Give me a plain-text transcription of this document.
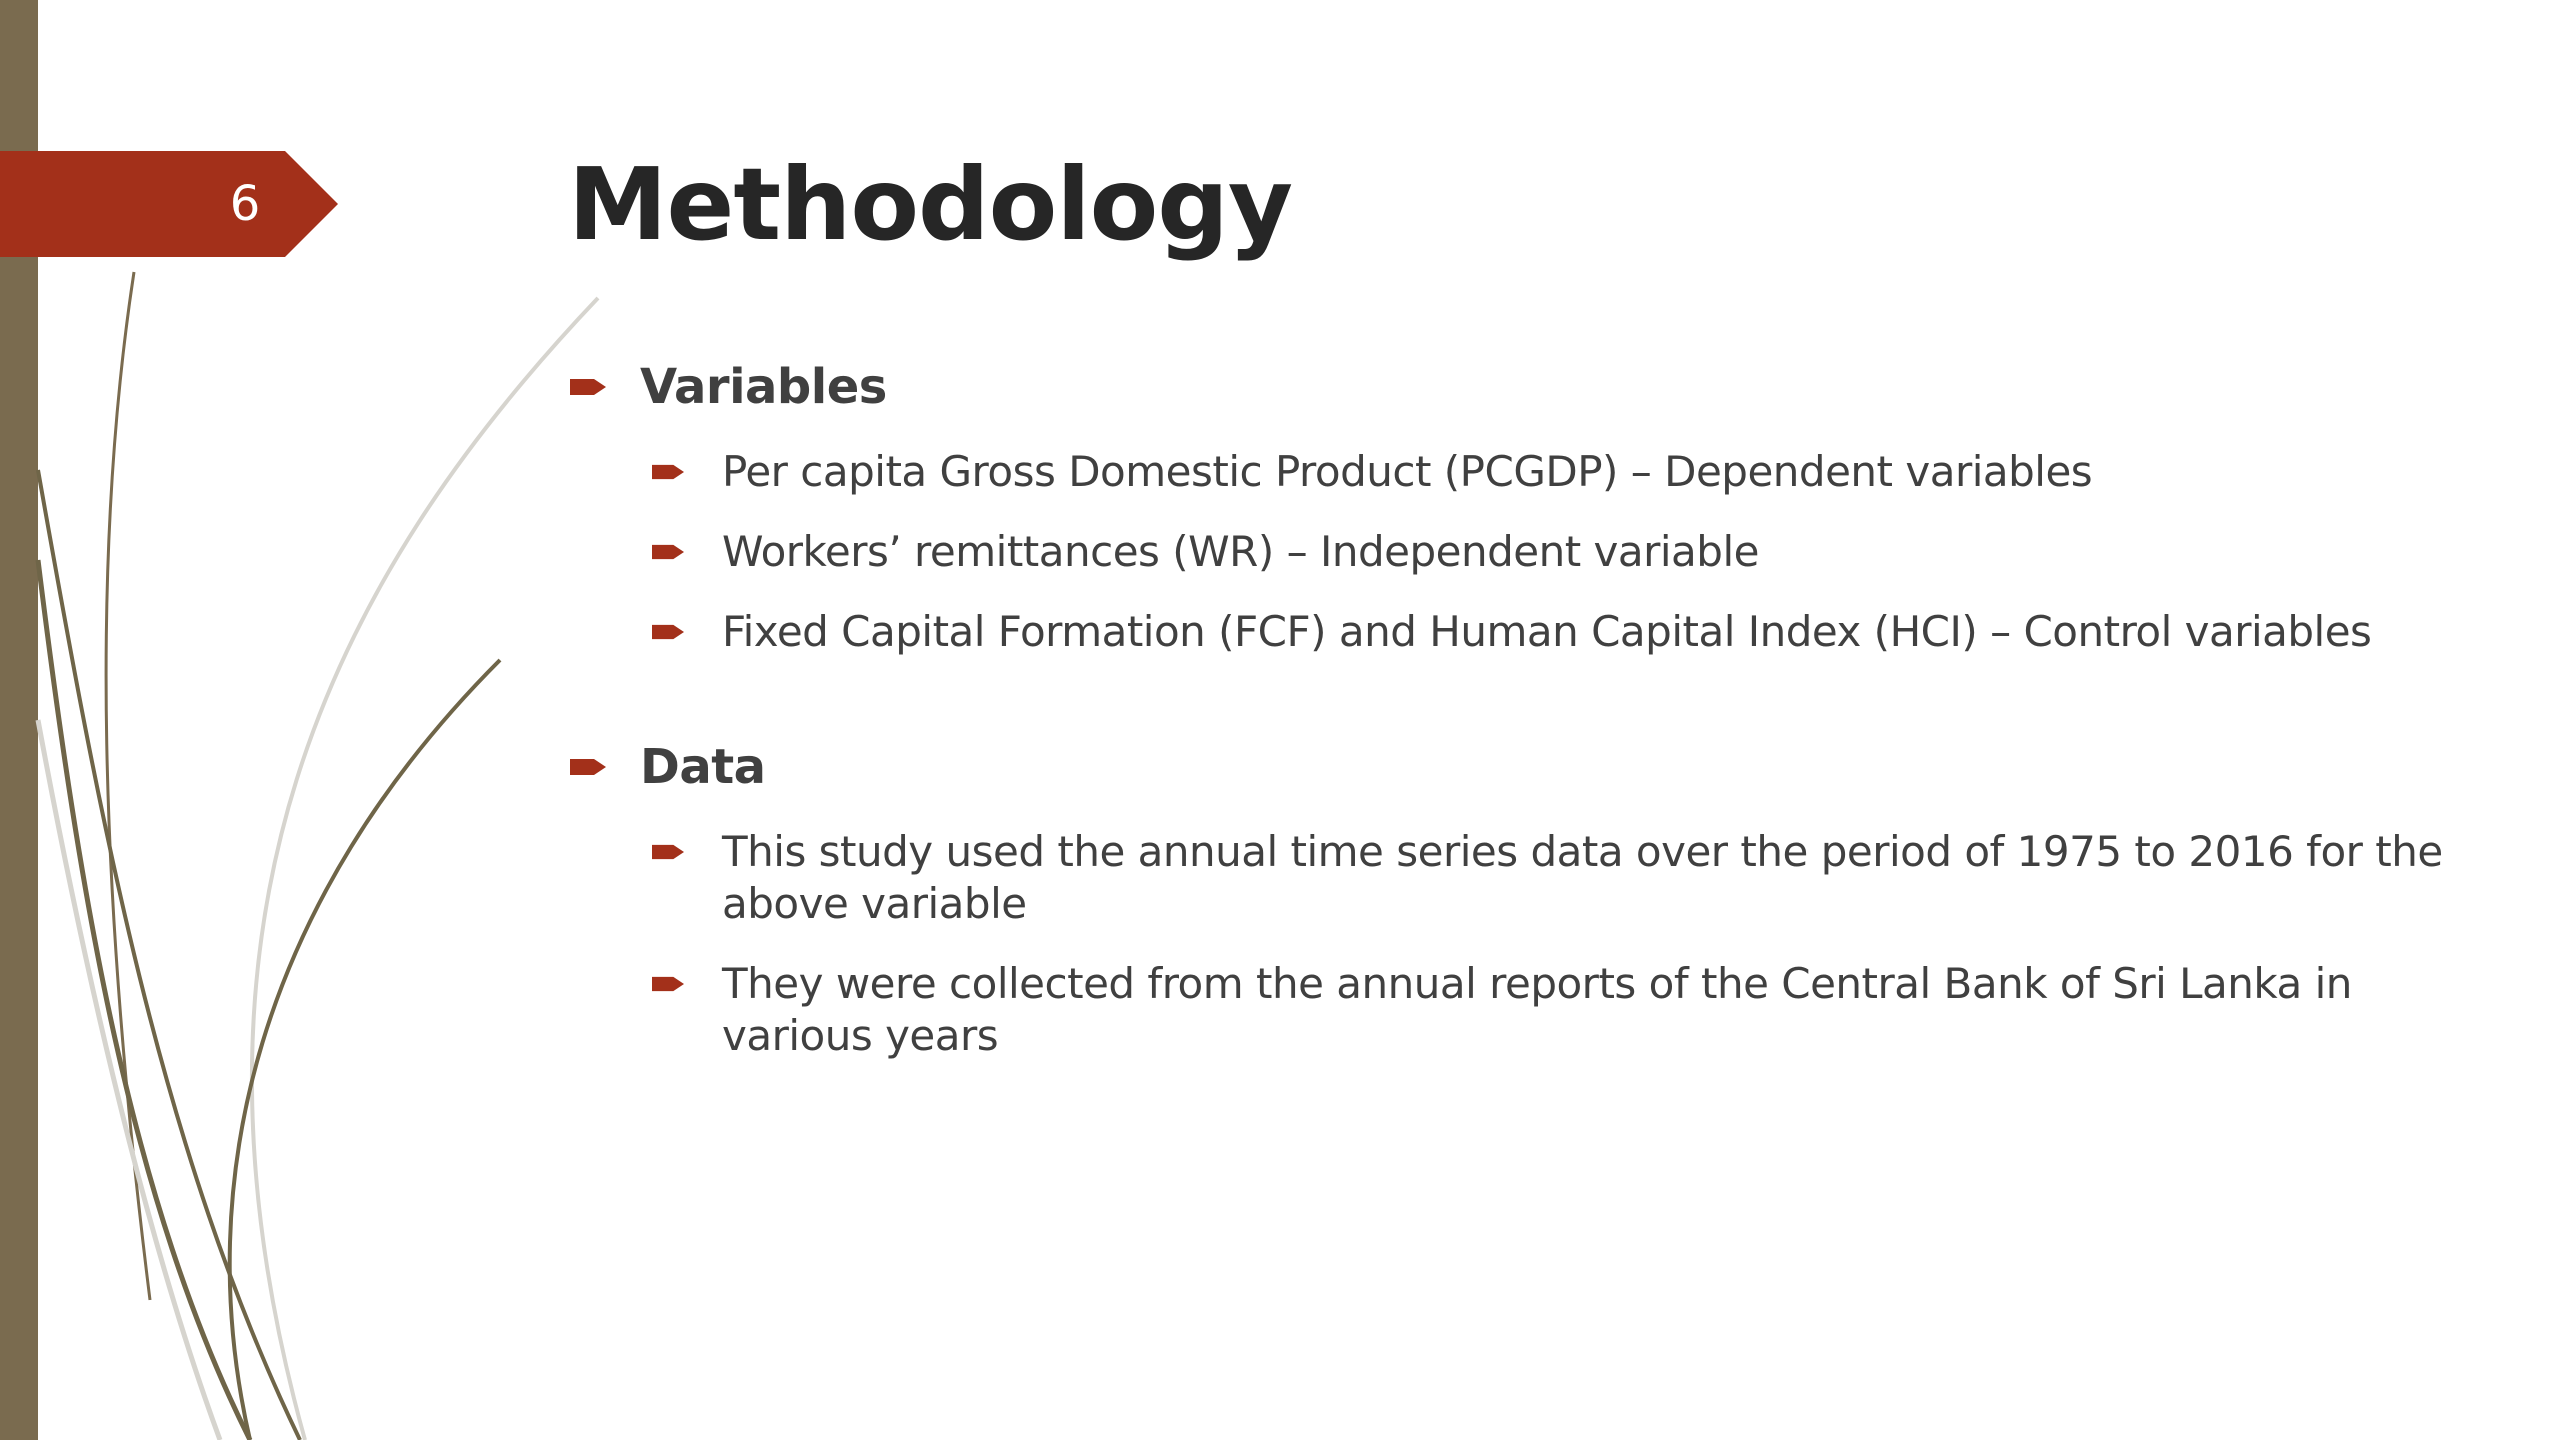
6	Methodology
Variables
Per capita Gross Domestic Product (PCGDP) – Dependent variables
Workers’ remittances (WR) – Independent variable
Fixed Capital Formation (FCF) and Human Capital Index (HCI) – Control variables
Data
This study used the annual time series data over the period of 1975 to 2016 for the above variable
They were collected from the annual reports of the Central Bank of Sri Lanka in various years
